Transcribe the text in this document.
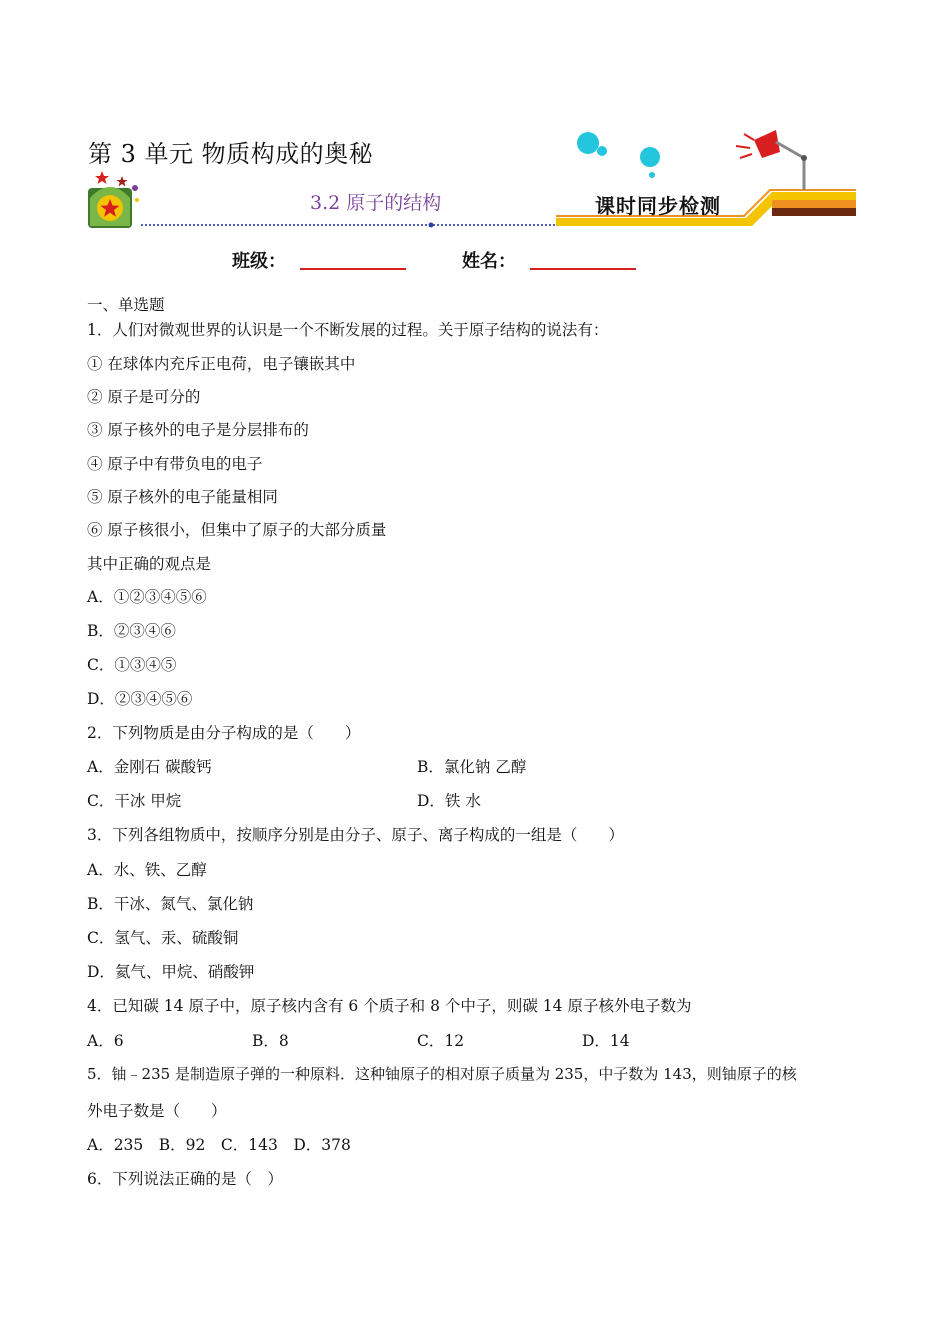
第 3 单元 物质构成的奥秘
3.2 原子的结构	课时同步检测
班级：	姓名：
一、单选题
1．人们对微观世界的认识是一个不断发展的过程。关于原子结构的说法有：
① 在球体内充斥正电荷，电子镶嵌其中
② 原子是可分的
③ 原子核外的电子是分层排布的
④ 原子中有带负电的电子
⑤ 原子核外的电子能量相同
⑥ 原子核很小，但集中了原子的大部分质量
其中正确的观点是
A．①②③④⑤⑥
B．②③④⑥
C．①③④⑤
D．②③④⑤⑥
2．下列物质是由分子构成的是（　　）
A．金刚石 碳酸钙	B．氯化钠 乙醇
C．干冰 甲烷	D．铁 水
3．下列各组物质中，按顺序分别是由分子、原子、离子构成的一组是（　　）
A．水、铁、乙醇
B．干冰、氮气、氯化钠
C．氢气、汞、硫酸铜
D．氦气、甲烷、硝酸钾
4．已知碳 14 原子中，原子核内含有 6 个质子和 8 个中子，则碳 14 原子核外电子数为
A．6	B．8	C．12	D．14
5．铀﹣235 是制造原子弹的一种原料．这种铀原子的相对原子质量为 235，中子数为 143，则铀原子的核
外电子数是（　　）
A．235　B．92　C．143　D．378
6．下列说法正确的是（　）
